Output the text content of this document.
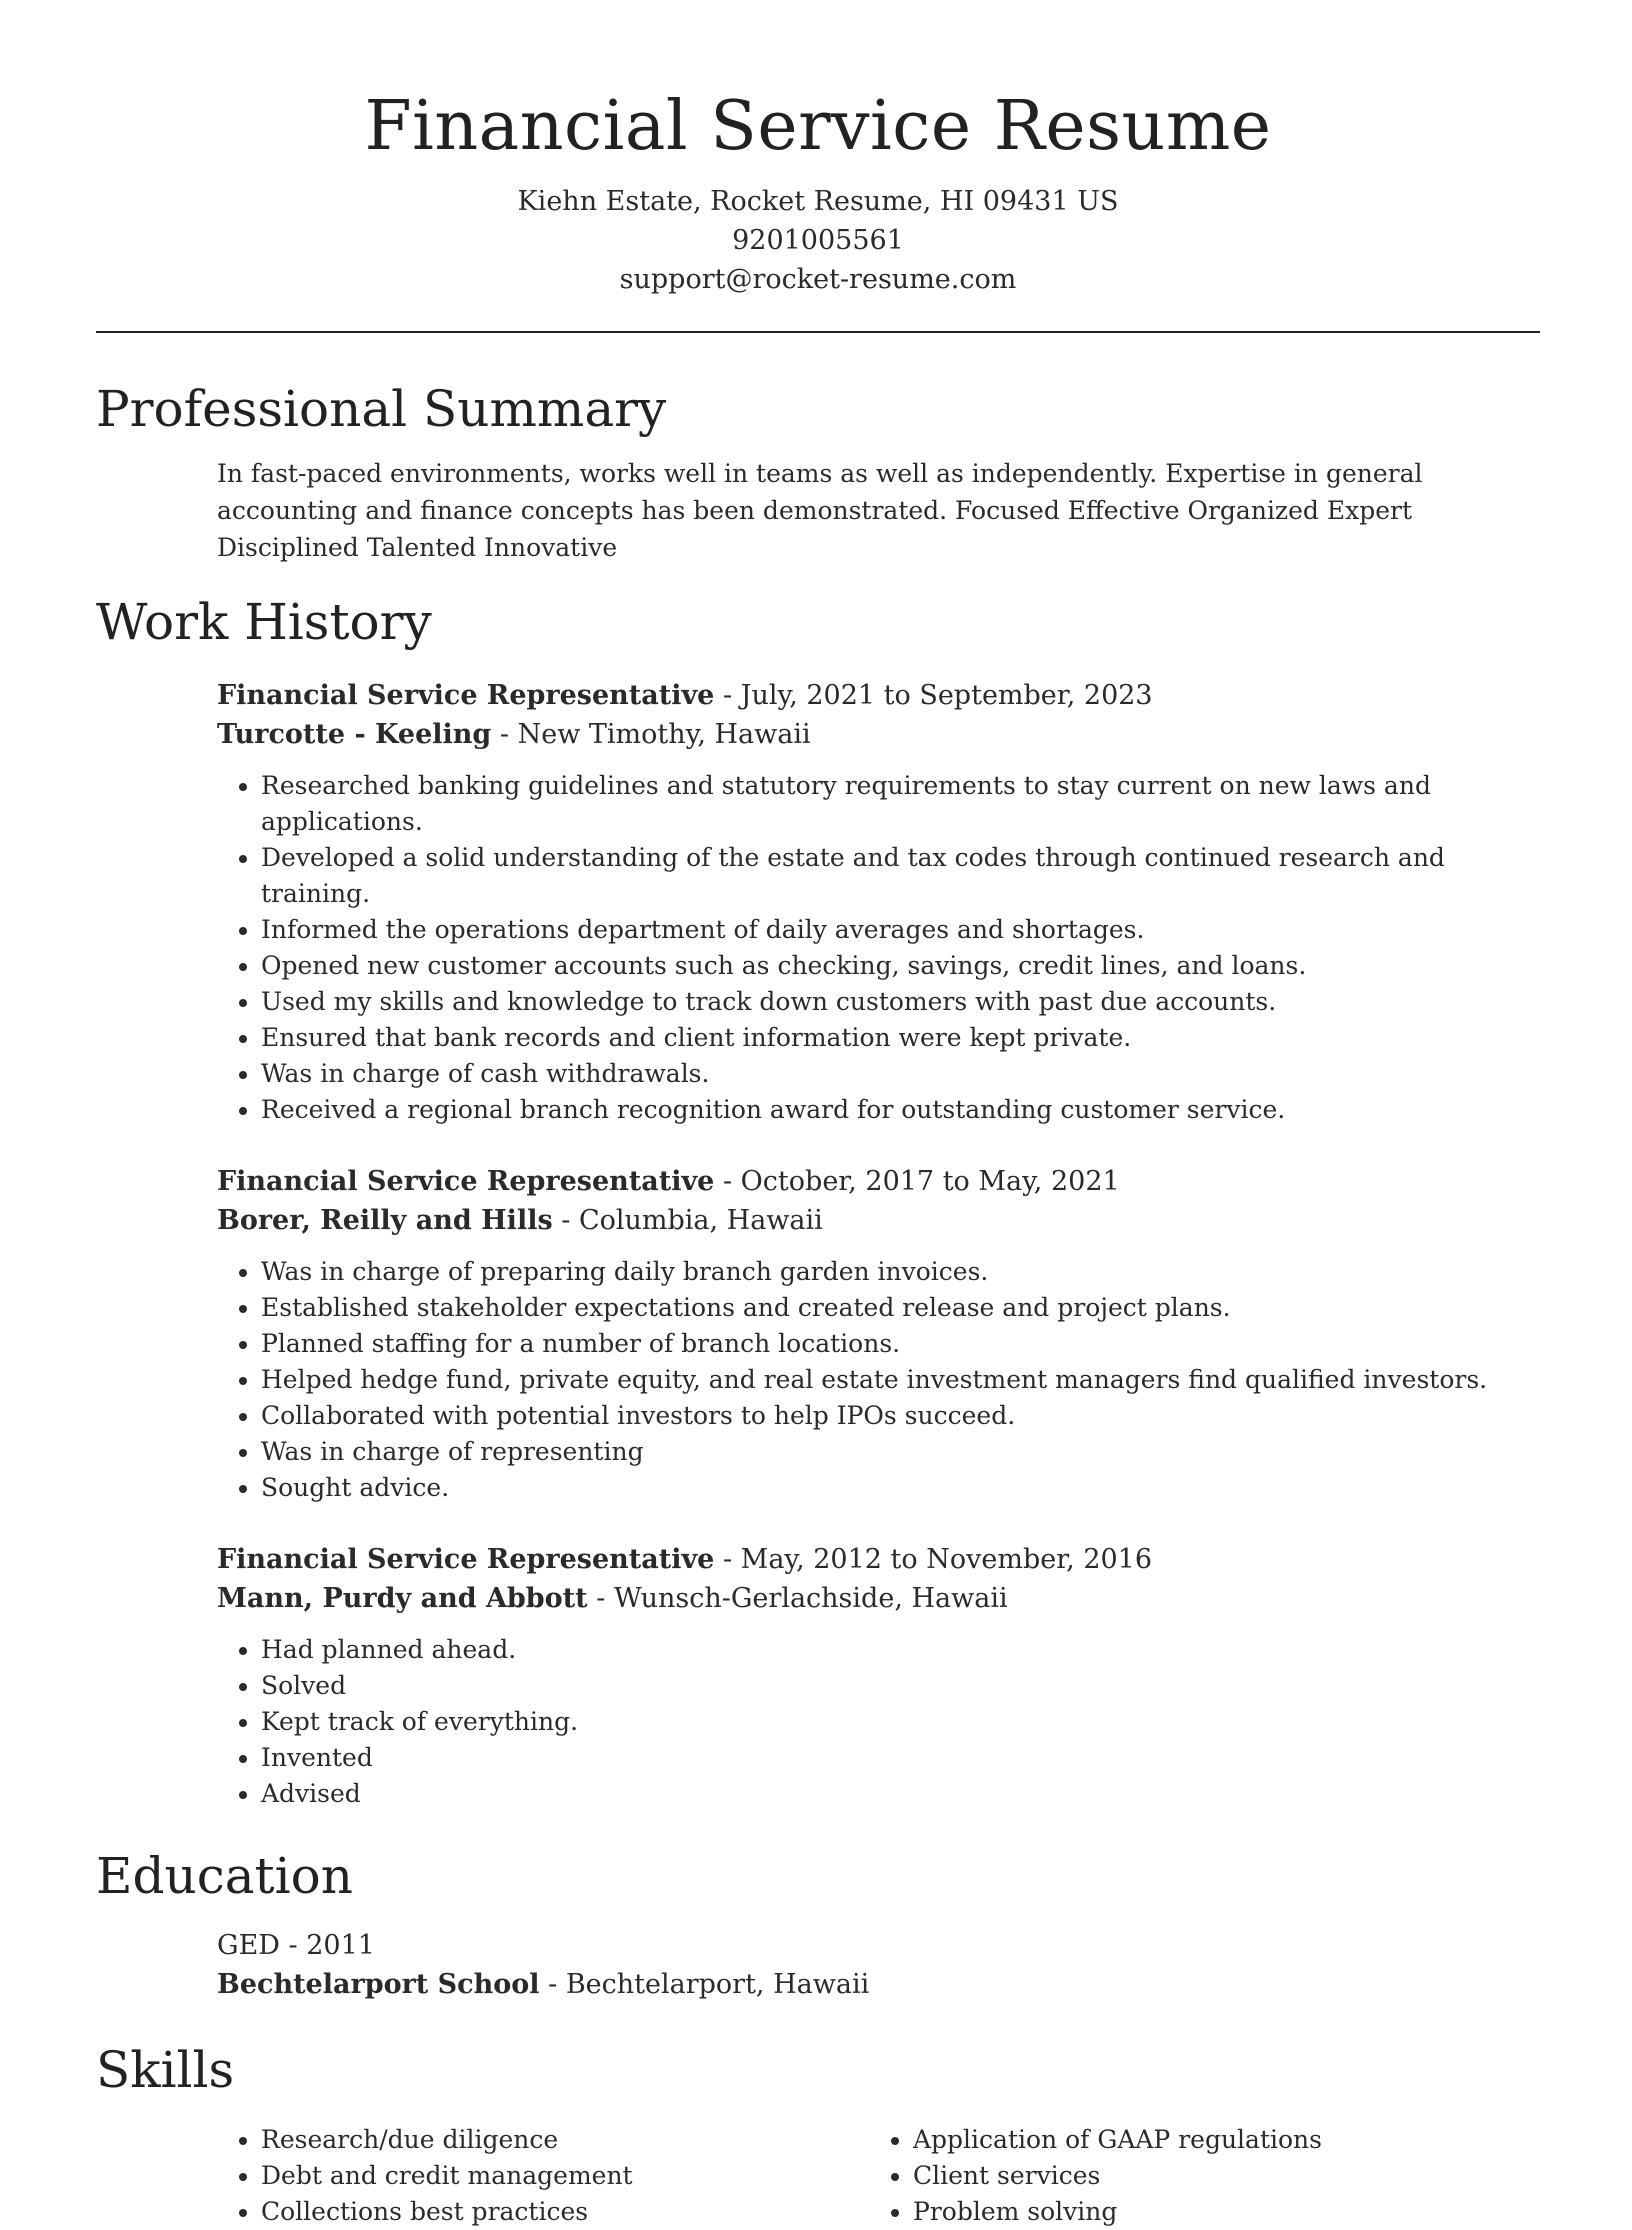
Financial Service Resume
Kiehn Estate, Rocket Resume, HI 09431 US
9201005561
support@rocket-resume.com
Professional Summary
In fast-paced environments, works well in teams as well as independently. Expertise in general accounting and finance concepts has been demonstrated. Focused Effective Organized Expert Disciplined Talented Innovative
Work History
Financial Service Representative - July, 2021 to September, 2023
Turcotte - Keeling - New Timothy, Hawaii
• Researched banking guidelines and statutory requirements to stay current on new laws and applications.
• Developed a solid understanding of the estate and tax codes through continued research and training.
• Informed the operations department of daily averages and shortages.
• Opened new customer accounts such as checking, savings, credit lines, and loans.
• Used my skills and knowledge to track down customers with past due accounts.
• Ensured that bank records and client information were kept private.
• Was in charge of cash withdrawals.
• Received a regional branch recognition award for outstanding customer service.
Financial Service Representative - October, 2017 to May, 2021
Borer, Reilly and Hills - Columbia, Hawaii
• Was in charge of preparing daily branch garden invoices.
• Established stakeholder expectations and created release and project plans.
• Planned staffing for a number of branch locations.
• Helped hedge fund, private equity, and real estate investment managers find qualified investors.
• Collaborated with potential investors to help IPOs succeed.
• Was in charge of representing
• Sought advice.
Financial Service Representative - May, 2012 to November, 2016
Mann, Purdy and Abbott - Wunsch-Gerlachside, Hawaii
• Had planned ahead.
• Solved
• Kept track of everything.
• Invented
• Advised
Education
GED - 2011
Bechtelarport School - Bechtelarport, Hawaii
Skills
• Research/due diligence
• Debt and credit management
• Collections best practices
• Application of GAAP regulations
• Client services
• Problem solving
